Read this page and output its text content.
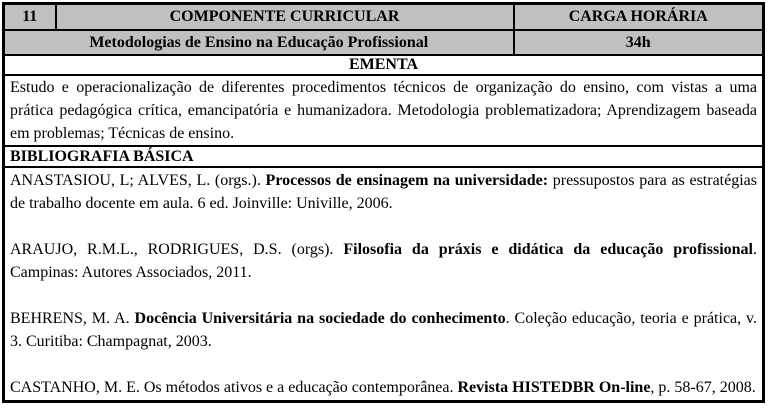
11	COMPONENTE CURRICULAR	CARGA HORÁRIA
Metodologias de Ensino na Educação Profissional		34h
EMENTA		
Estudo e operacionalização de diferentes procedimentos técnicos de organização do ensino, com vistas a uma prática pedagógica crítica, emancipatória e humanizadora. Metodologia problematizadora; Aprendizagem baseada em problemas; Técnicas de ensino.		
BIBLIOGRAFIA BÁSICA		

ANASTASIOU, L; ALVES, L. (orgs.). Processos de ensinagem na universidade: pressupostos para as estratégias de trabalho docente em aula. 6 ed. Joinville: Univille, 2006.

ARAUJO, R.M.L., RODRIGUES, D.S. (orgs). Filosofia da práxis e didática da educação profissional. Campinas: Autores Associados, 2011.

BEHRENS, M. A. Docência Universitária na sociedade do conhecimento. Coleção educação, teoria e prática, v. 3. Curitiba: Champagnat, 2003.

CASTANHO, M. E. Os métodos ativos e a educação contemporânea. Revista HISTEDBR On-line, p. 58-67, 2008.		
